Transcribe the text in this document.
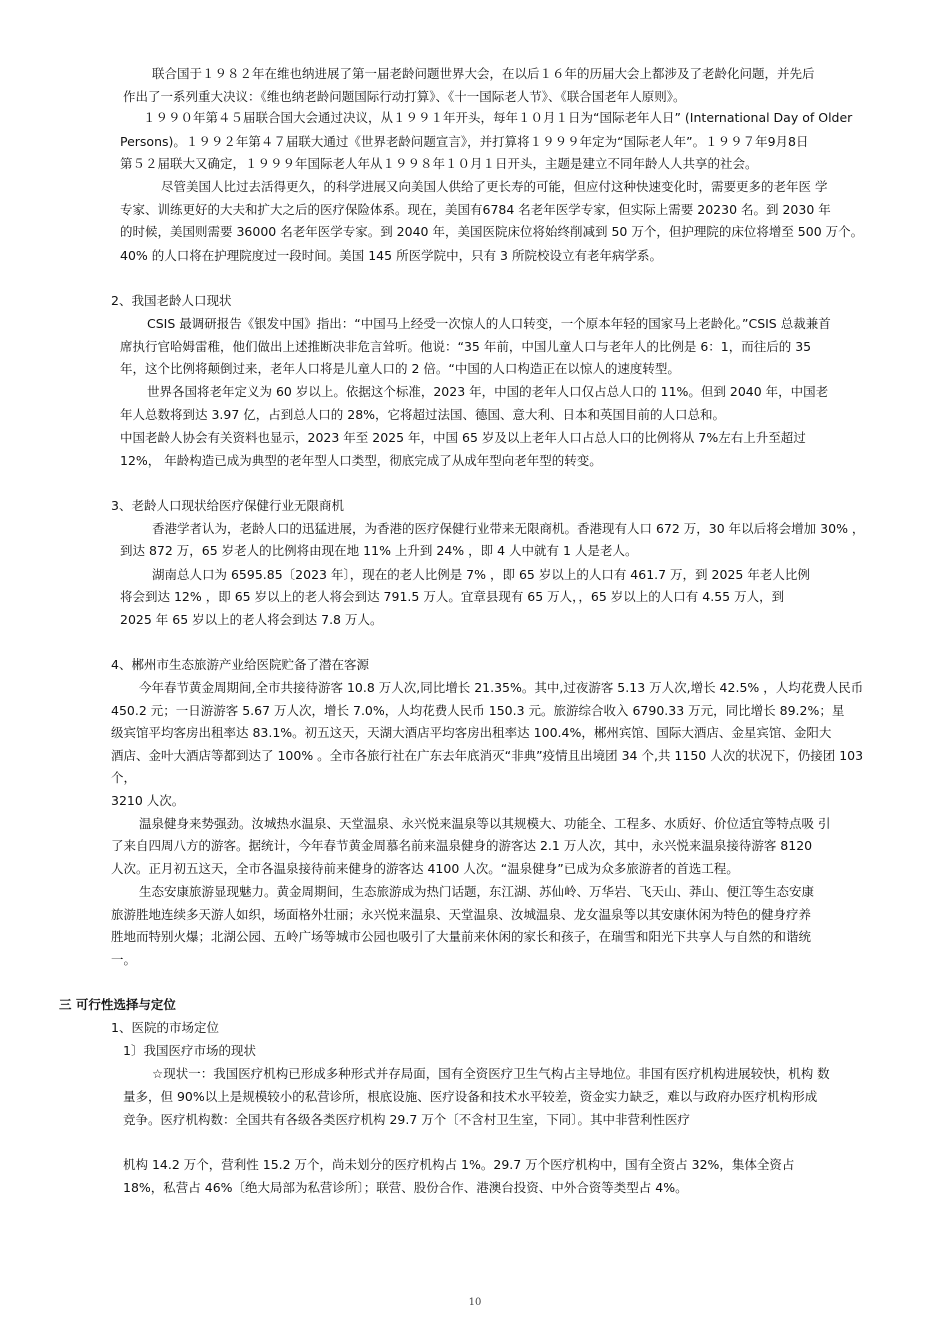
联合国于１９８２年在维也纳进展了第一届老龄问题世界大会，在以后１６年的历届大会上都涉及了老龄化问题，并先后
作出了一系列重大决议：《维也纳老龄问题国际行动打算》、《十一国际老人节》、《联合国老年人原则》。
１９９０年第４５届联合国大会通过决议，从１９９１年开头，每年１０月１日为“国际老年人日” (International Day of Older
Persons)。１９９２年第４７届联大通过《世界老龄问题宣言》，并打算将１９９９年定为“国际老人年”。１９９７年9月8日
第５２届联大又确定，１９９９年国际老人年从１９９８年１０月１日开头，主题是建立不同年龄人人共享的社会。
尽管美国人比过去活得更久，的科学进展又向美国人供给了更长寿的可能，但应付这种快速变化时，需要更多的老年医 学
专家、训练更好的大夫和扩大之后的医疗保险体系。现在，美国有6784 名老年医学专家，但实际上需要 20230 名。到 2030 年
的时候，美国则需要 36000 名老年医学专家。到 2040 年，美国医院床位将始终削减到 50 万个，但护理院的床位将增至 500 万个。
40% 的人口将在护理院度过一段时间。美国 145 所医学院中，只有 3 所院校设立有老年病学系。
2、我国老龄人口现状
CSIS 最调研报告《银发中国》指出：“中国马上经受一次惊人的人口转变，一个原本年轻的国家马上老龄化。”CSIS 总裁兼首
席执行官哈姆雷稚，他们做出上述推断决非危言耸听。他说：“35 年前，中国儿童人口与老年人的比例是 6：1，而往后的 35
年，这个比例将颠倒过来，老年人口将是儿童人口的 2 倍。“中国的人口构造正在以惊人的速度转型。
世界各国将老年定义为 60 岁以上。依据这个标准，2023 年，中国的老年人口仅占总人口的 11%。但到 2040 年，中国老
年人总数将到达 3.97 亿，占到总人口的 28%，它将超过法国、德国、意大利、日本和英国目前的人口总和。
中国老龄人协会有关资料也显示，2023 年至 2025 年，中国 65 岁及以上老年人口占总人口的比例将从 7%左右上升至超过
12%， 年龄构造已成为典型的老年型人口类型，彻底完成了从成年型向老年型的转变。
3、老龄人口现状给医疗保健行业无限商机
香港学者认为，老龄人口的迅猛进展，为香港的医疗保健行业带来无限商机。香港现有人口 672 万，30 年以后将会增加 30% ，
到达 872 万，65 岁老人的比例将由现在地 11% 上升到 24% ，即 4 人中就有 1 人是老人。
湖南总人口为 6595.85〔2023 年〕，现在的老人比例是 7% ，即 65 岁以上的人口有 461.7 万，到 2025 年老人比例
将会到达 12% ，即 65 岁以上的老人将会到达 791.5 万人。宜章县现有 65 万人，，65 岁以上的人口有 4.55 万人，到
2025 年 65 岁以上的老人将会到达 7.8 万人。
4、郴州市生态旅游产业给医院贮备了潜在客源
今年春节黄金周期间,全市共接待游客 10.8 万人次,同比增长 21.35%。其中,过夜游客 5.13 万人次,增长 42.5% ，人均花费人民币
450.2 元；一日游游客 5.67 万人次，增长 7.0%，人均花费人民币 150.3 元。旅游综合收入 6790.33 万元，同比增长 89.2%；星
级宾馆平均客房出租率达 83.1%。初五这天，天湖大酒店平均客房出租率达 100.4%，郴州宾馆、国际大酒店、金星宾馆、金阳大
酒店、金叶大酒店等都到达了 100% 。全市各旅行社在广东去年底消灭“非典”疫情且出境团 34 个,共 1150 人次的状况下，仍接团 103
个，
3210 人次。
温泉健身来势强劲。汝城热水温泉、天堂温泉、永兴悦来温泉等以其规模大、功能全、工程多、水质好、价位适宜等特点吸 引
了来自四周八方的游客。据统计，今年春节黄金周慕名前来温泉健身的游客达 2.1 万人次，其中，永兴悦来温泉接待游客 8120
人次。正月初五这天，全市各温泉接待前来健身的游客达 4100 人次。“温泉健身”已成为众多旅游者的首选工程。
生态安康旅游显现魅力。黄金周期间，生态旅游成为热门话题，东江湖、苏仙岭、万华岩、飞天山、莽山、便江等生态安康
旅游胜地连续多天游人如织，场面格外壮丽；永兴悦来温泉、天堂温泉、汝城温泉、龙女温泉等以其安康休闲为特色的健身疗养
胜地而特别火爆；北湖公园、五岭广场等城市公园也吸引了大量前来休闲的家长和孩子，在瑞雪和阳光下共享人与自然的和谐统
一。
三 可行性选择与定位
1、医院的市场定位
1〕我国医疗市场的现状
☆现状一：我国医疗机构已形成多种形式并存局面，国有全资医疗卫生气构占主导地位。非国有医疗机构进展较快，机构 数
量多，但 90%以上是规模较小的私营诊所，根底设施、医疗设备和技术水平较差，资金实力缺乏，难以与政府办医疗机构形成
竞争。医疗机构数：全国共有各级各类医疗机构 29.7 万个〔不含村卫生室，下同〕。其中非营利性医疗
机构 14.2 万个，营利性 15.2 万个，尚未划分的医疗机构占 1%。29.7 万个医疗机构中，国有全资占 32%，集体全资占
18%，私营占 46%〔绝大局部为私营诊所〕；联营、股份合作、港澳台投资、中外合资等类型占 4%。
10
